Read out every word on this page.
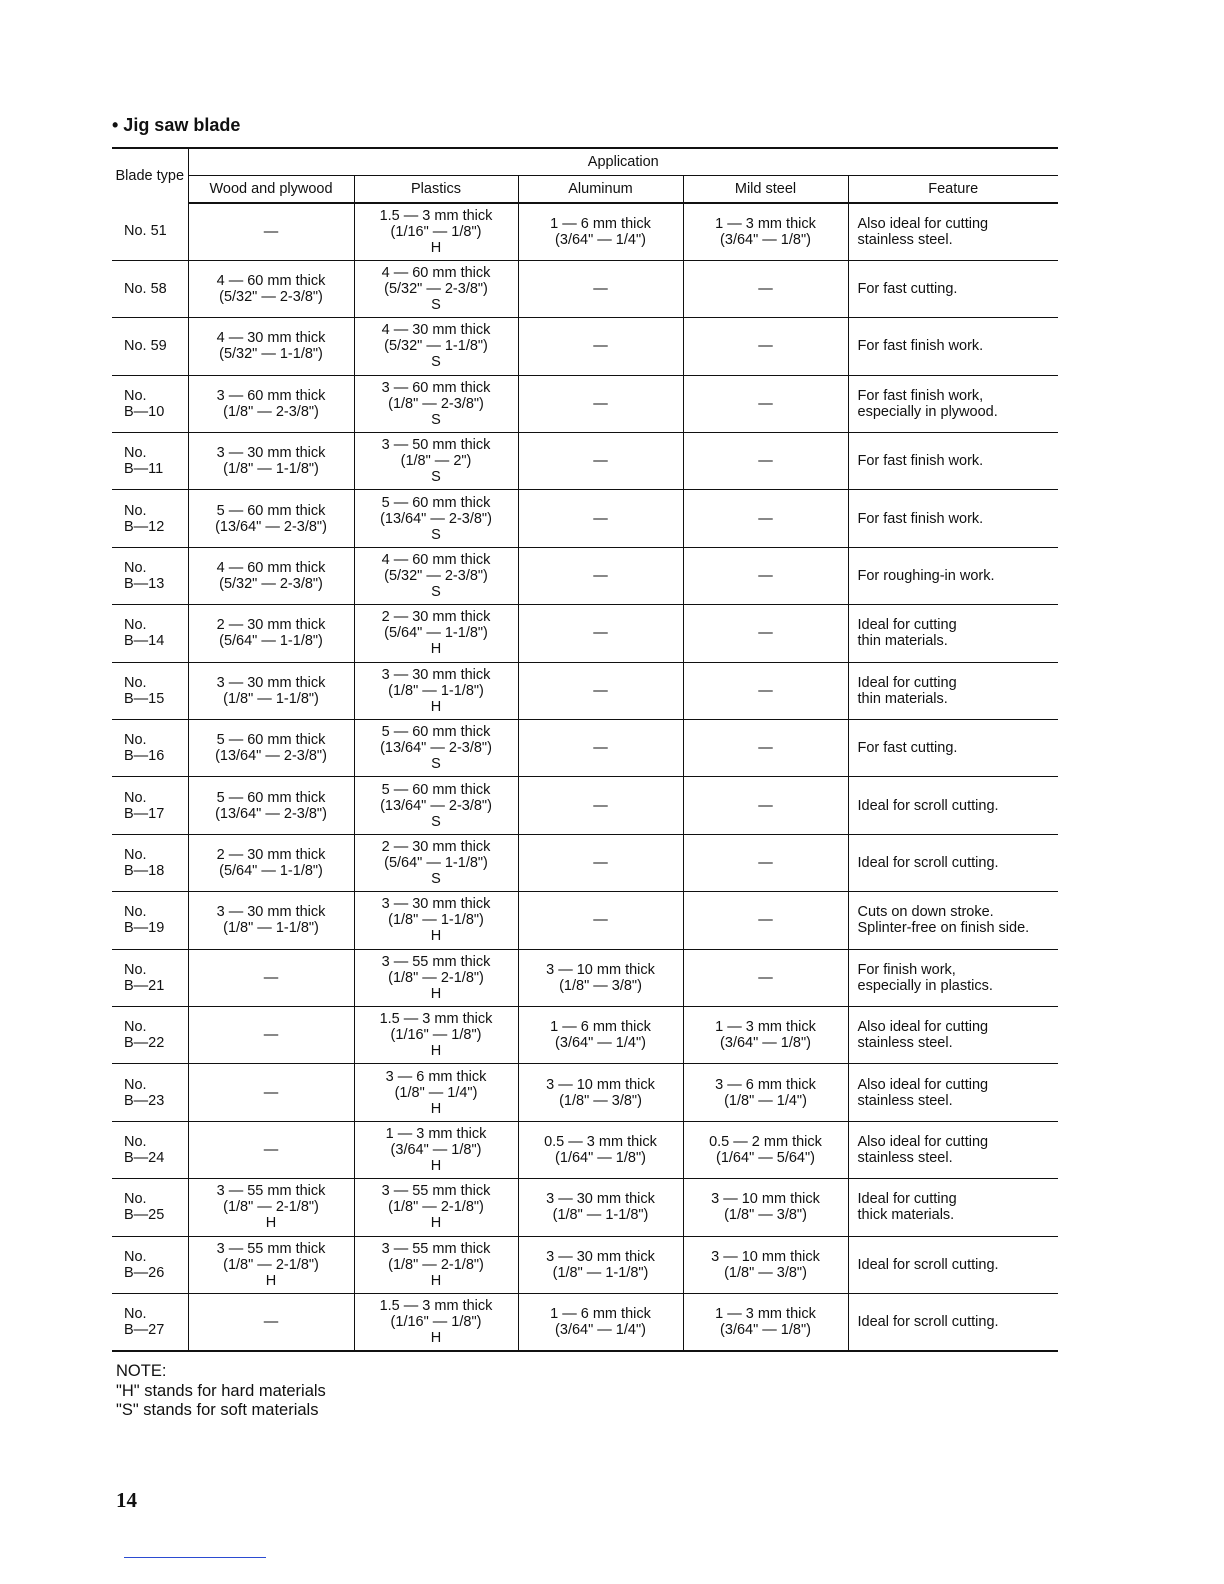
• Jig saw blade
Blade type	Application				
	Wood and plywood	Plastics	Aluminum	Mild steel	Feature

No. 51	—	1.5 — 3 mm thick
(1/16" — 1/8")
H	1 — 6 mm thick
(3/64" — 1/4")	1 — 3 mm thick
(3/64" — 1/8")	Also ideal for cutting
stainless steel.

No. 58	4 — 60 mm thick
(5/32" — 2-3/8")	4 — 60 mm thick
(5/32" — 2-3/8")
S	—	—	For fast cutting.

No. 59	4 — 30 mm thick
(5/32" — 1-1/8")	4 — 30 mm thick
(5/32" — 1-1/8")
S	—	—	For fast finish work.

No.
B—10	3 — 60 mm thick
(1/8" — 2-3/8")	3 — 60 mm thick
(1/8" — 2-3/8")
S	—	—	For fast finish work,
especially in plywood.

No.
B—11	3 — 30 mm thick
(1/8" — 1-1/8")	3 — 50 mm thick
(1/8" — 2")
S	—	—	For fast finish work.

No.
B—12	5 — 60 mm thick
(13/64" — 2-3/8")	5 — 60 mm thick
(13/64" — 2-3/8")
S	—	—	For fast finish work.

No.
B—13	4 — 60 mm thick
(5/32" — 2-3/8")	4 — 60 mm thick
(5/32" — 2-3/8")
S	—	—	For roughing-in work.

No.
B—14	2 — 30 mm thick
(5/64" — 1-1/8")	2 — 30 mm thick
(5/64" — 1-1/8")
H	—	—	Ideal for cutting
thin materials.

No.
B—15	3 — 30 mm thick
(1/8" — 1-1/8")	3 — 30 mm thick
(1/8" — 1-1/8")
H	—	—	Ideal for cutting
thin materials.

No.
B—16	5 — 60 mm thick
(13/64" — 2-3/8")	5 — 60 mm thick
(13/64" — 2-3/8")
S	—	—	For fast cutting.

No.
B—17	5 — 60 mm thick
(13/64" — 2-3/8")	5 — 60 mm thick
(13/64" — 2-3/8")
S	—	—	Ideal for scroll cutting.

No.
B—18	2 — 30 mm thick
(5/64" — 1-1/8")	2 — 30 mm thick
(5/64" — 1-1/8")
S	—	—	Ideal for scroll cutting.

No.
B—19	3 — 30 mm thick
(1/8" — 1-1/8")	3 — 30 mm thick
(1/8" — 1-1/8")
H	—	—	Cuts on down stroke.
Splinter-free on finish side.

No.
B—21	—	3 — 55 mm thick
(1/8" — 2-1/8")
H	3 — 10 mm thick
(1/8" — 3/8")	—	For finish work,
especially in plastics.

No.
B—22	—	1.5 — 3 mm thick
(1/16" — 1/8")
H	1 — 6 mm thick
(3/64" — 1/4")	1 — 3 mm thick
(3/64" — 1/8")	Also ideal for cutting
stainless steel.

No.
B—23	—	3 — 6 mm thick
(1/8" — 1/4")
H	3 — 10 mm thick
(1/8" — 3/8")	3 — 6 mm thick
(1/8" — 1/4")	Also ideal for cutting
stainless steel.

No.
B—24	—	1 — 3 mm thick
(3/64" — 1/8")
H	0.5 — 3 mm thick
(1/64" — 1/8")	0.5 — 2 mm thick
(1/64" — 5/64")	Also ideal for cutting
stainless steel.

No.
B—25	3 — 55 mm thick
(1/8" — 2-1/8")
H	3 — 55 mm thick
(1/8" — 2-1/8")
H	3 — 30 mm thick
(1/8" — 1-1/8")	3 — 10 mm thick
(1/8" — 3/8")	Ideal for cutting
thick materials.

No.
B—26	3 — 55 mm thick
(1/8" — 2-1/8")
H	3 — 55 mm thick
(1/8" — 2-1/8")
H	3 — 30 mm thick
(1/8" — 1-1/8")	3 — 10 mm thick
(1/8" — 3/8")	Ideal for scroll cutting.

No.
B—27	—	1.5 — 3 mm thick
(1/16" — 1/8")
H	1 — 6 mm thick
(3/64" — 1/4")	1 — 3 mm thick
(3/64" — 1/8")	Ideal for scroll cutting.
NOTE:
"H" stands for hard materials
"S" stands for soft materials
14
